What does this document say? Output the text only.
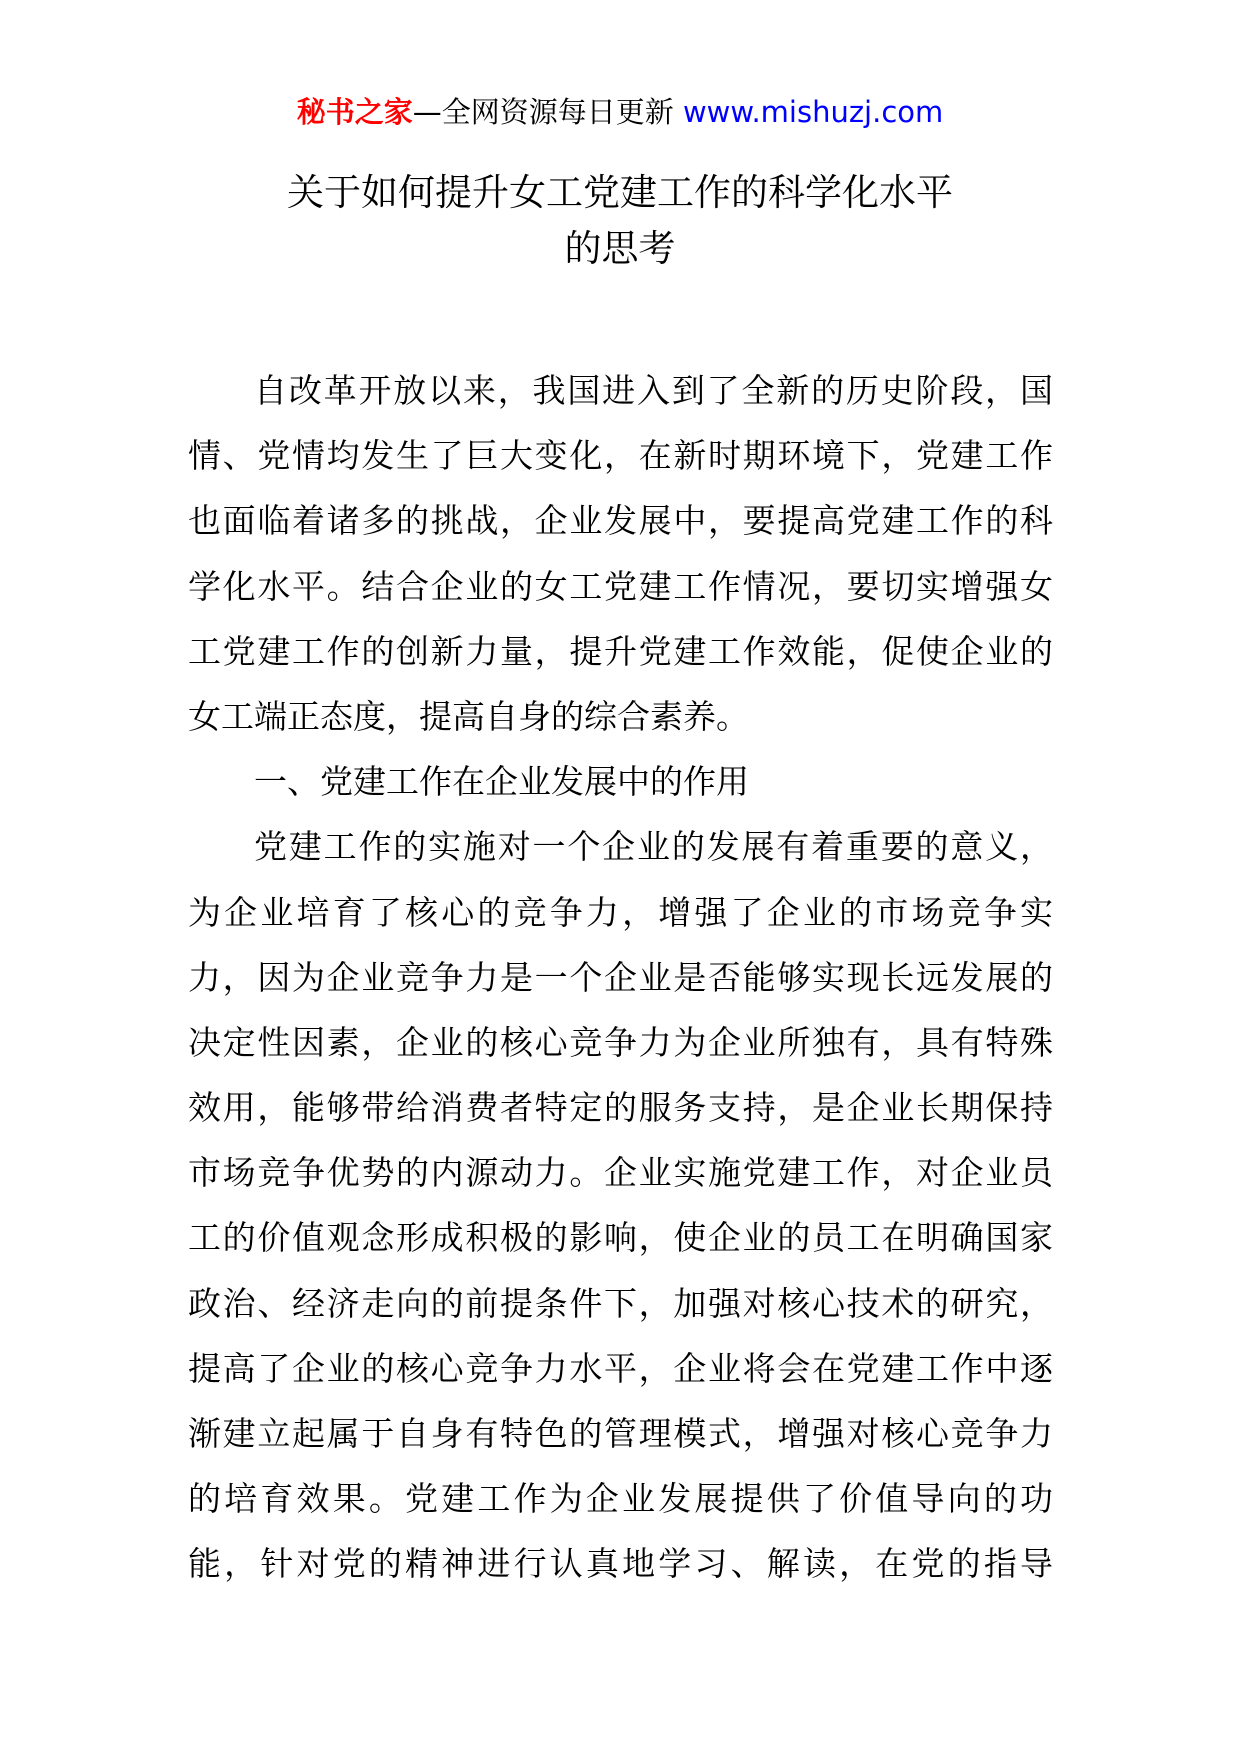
秘书之家—全网资源每日更新 www.mishuzj.com
关于如何提升女工党建工作的科学化水平
的思考
自改革开放以来，我国进入到了全新的历史阶段，国
情、党情均发生了巨大变化，在新时期环境下，党建工作
也面临着诸多的挑战，企业发展中，要提高党建工作的科
学化水平。结合企业的女工党建工作情况，要切实增强女
工党建工作的创新力量，提升党建工作效能，促使企业的
女工端正态度，提高自身的综合素养。
一、党建工作在企业发展中的作用
党建工作的实施对一个企业的发展有着重要的意义，
为企业培育了核心的竞争力，增强了企业的市场竞争实
力，因为企业竞争力是一个企业是否能够实现长远发展的
决定性因素，企业的核心竞争力为企业所独有，具有特殊
效用，能够带给消费者特定的服务支持，是企业长期保持
市场竞争优势的内源动力。企业实施党建工作，对企业员
工的价值观念形成积极的影响，使企业的员工在明确国家
政治、经济走向的前提条件下，加强对核心技术的研究，
提高了企业的核心竞争力水平，企业将会在党建工作中逐
渐建立起属于自身有特色的管理模式，增强对核心竞争力
的培育效果。党建工作为企业发展提供了价值导向的功
能，针对党的精神进行认真地学习、解读，在党的指导
